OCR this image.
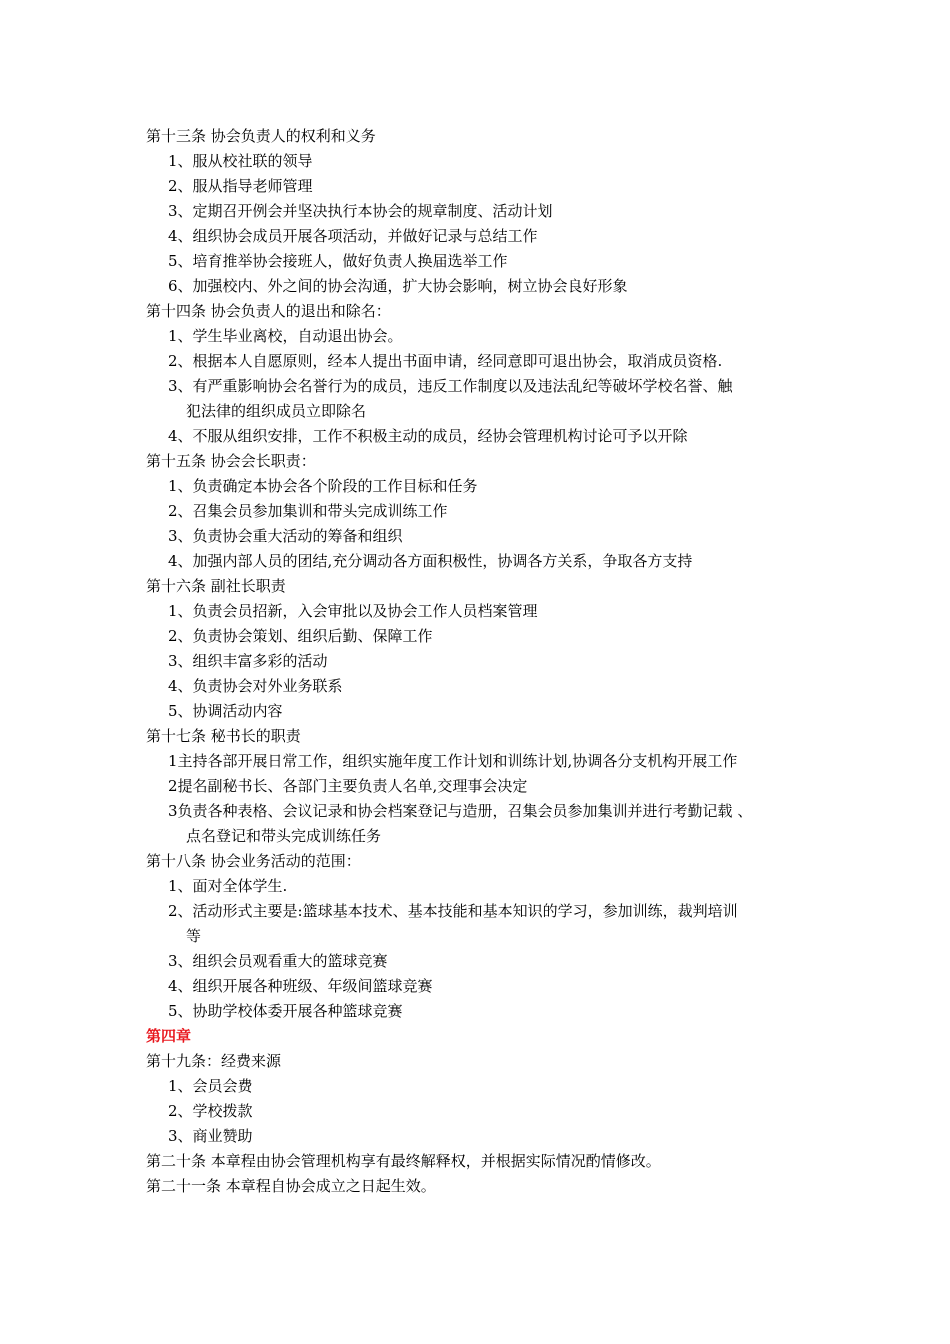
第十三条 协会负责人的权利和义务
1、服从校社联的领导
2、服从指导老师管理
3、定期召开例会并坚决执行本协会的规章制度、活动计划
4、组织协会成员开展各项活动，并做好记录与总结工作
5、培育推举协会接班人，做好负责人换届选举工作
6、加强校内、外之间的协会沟通，扩大协会影响，树立协会良好形象
第十四条 协会负责人的退出和除名：
1、学生毕业离校，自动退出协会。
2、根据本人自愿原则，经本人提出书面申请，经同意即可退出协会，取消成员资格.
3、有严重影响协会名誉行为的成员，违反工作制度以及违法乱纪等破坏学校名誉、触
犯法律的组织成员立即除名
4、不服从组织安排，工作不积极主动的成员，经协会管理机构讨论可予以开除
第十五条 协会会长职责：
1、负责确定本协会各个阶段的工作目标和任务
2、召集会员参加集训和带头完成训练工作
3、负责协会重大活动的筹备和组织
4、加强内部人员的团结,充分调动各方面积极性，协调各方关系，争取各方支持
第十六条 副社长职责
1、负责会员招新，入会审批以及协会工作人员档案管理
2、负责协会策划、组织后勤、保障工作
3、组织丰富多彩的活动
4、负责协会对外业务联系
5、协调活动内容
第十七条 秘书长的职责
1主持各部开展日常工作，组织实施年度工作计划和训练计划,协调各分支机构开展工作
2提名副秘书长、各部门主要负责人名单,交理事会决定
3负责各种表格、会议记录和协会档案登记与造册，召集会员参加集训并进行考勤记载 、
点名登记和带头完成训练任务
第十八条 协会业务活动的范围：
1、面对全体学生.
2、活动形式主要是:篮球基本技术、基本技能和基本知识的学习，参加训练，裁判培训
等
3、组织会员观看重大的篮球竞赛
4、组织开展各种班级、年级间篮球竞赛
5、协助学校体委开展各种篮球竞赛
第四章
第十九条：经费来源
1、会员会费
2、学校拨款
3、商业赞助
第二十条 本章程由协会管理机构享有最终解释权，并根据实际情况酌情修改。
第二十一条 本章程自协会成立之日起生效。
